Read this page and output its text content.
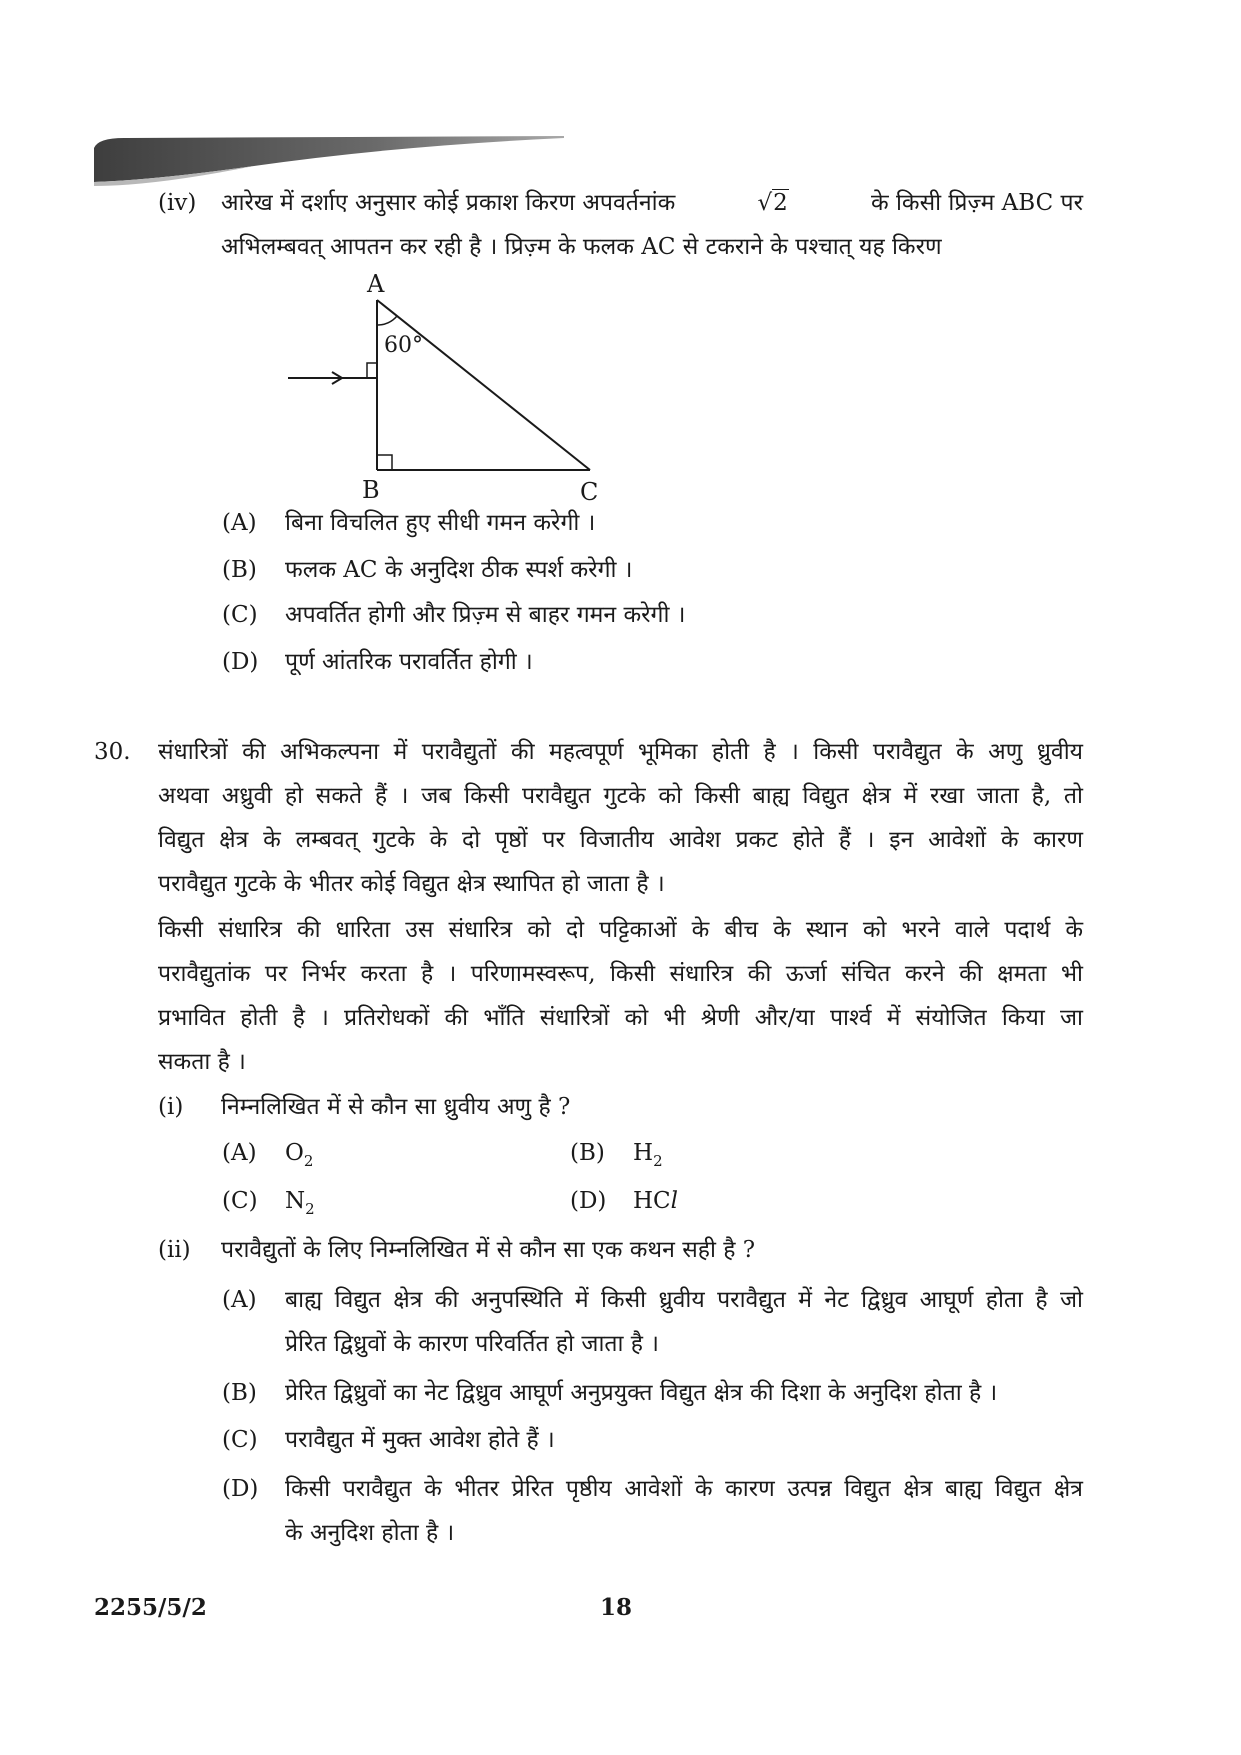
(iv) आरेख में दर्शाए अनुसार कोई प्रकाश किरण अपवर्तनांक	√2	के किसी प्रिज़्म ABC पर
अभिलम्बवत् आपतन कर रही है । प्रिज़्म के फलक AC से टकराने के पश्चात् यह किरण
A
B	C
60°
(A) बिना विचलित हुए सीधी गमन करेगी ।
(B) फलक AC के अनुदिश ठीक स्पर्श करेगी ।
(C) अपवर्तित होगी और प्रिज़्म से बाहर गमन करेगी ।
(D) पूर्ण आंतरिक परावर्तित होगी ।
30. संधारित्रों की अभिकल्पना में परावैद्युतों की महत्वपूर्ण भूमिका होती है । किसी परावैद्युत के अणु ध्रुवीय
अथवा अध्रुवी हो सकते हैं । जब किसी परावैद्युत गुटके को किसी बाह्य विद्युत क्षेत्र में रखा जाता है, तो
विद्युत क्षेत्र के लम्बवत् गुटके के दो पृष्ठों पर विजातीय आवेश प्रकट होते हैं । इन आवेशों के कारण
परावैद्युत गुटके के भीतर कोई विद्युत क्षेत्र स्थापित हो जाता है ।
किसी संधारित्र की धारिता उस संधारित्र को दो पट्टिकाओं के बीच के स्थान को भरने वाले पदार्थ के
परावैद्युतांक पर निर्भर करता है । परिणामस्वरूप, किसी संधारित्र की ऊर्जा संचित करने की क्षमता भी
प्रभावित होती है । प्रतिरोधकों की भाँति संधारित्रों को भी श्रेणी और/या पार्श्व में संयोजित किया जा
सकता है ।
(i) निम्नलिखित में से कौन सा ध्रुवीय अणु है ?
(A) $O_2$	(B) $H_2$
(C) $N_2$	(D) HCl
(ii) परावैद्युतों के लिए निम्नलिखित में से कौन सा एक कथन सही है ?
(A) बाह्य विद्युत क्षेत्र की अनुपस्थिति में किसी ध्रुवीय परावैद्युत में नेट द्विध्रुव आघूर्ण होता है जो
प्रेरित द्विध्रुवों के कारण परिवर्तित हो जाता है ।
(B) प्रेरित द्विध्रुवों का नेट द्विध्रुव आघूर्ण अनुप्रयुक्त विद्युत क्षेत्र की दिशा के अनुदिश होता है ।
(C) परावैद्युत में मुक्त आवेश होते हैं ।
(D) किसी परावैद्युत के भीतर प्रेरित पृष्ठीय आवेशों के कारण उत्पन्न विद्युत क्षेत्र बाह्य विद्युत क्षेत्र
के अनुदिश होता है ।
2255/5/2	18
